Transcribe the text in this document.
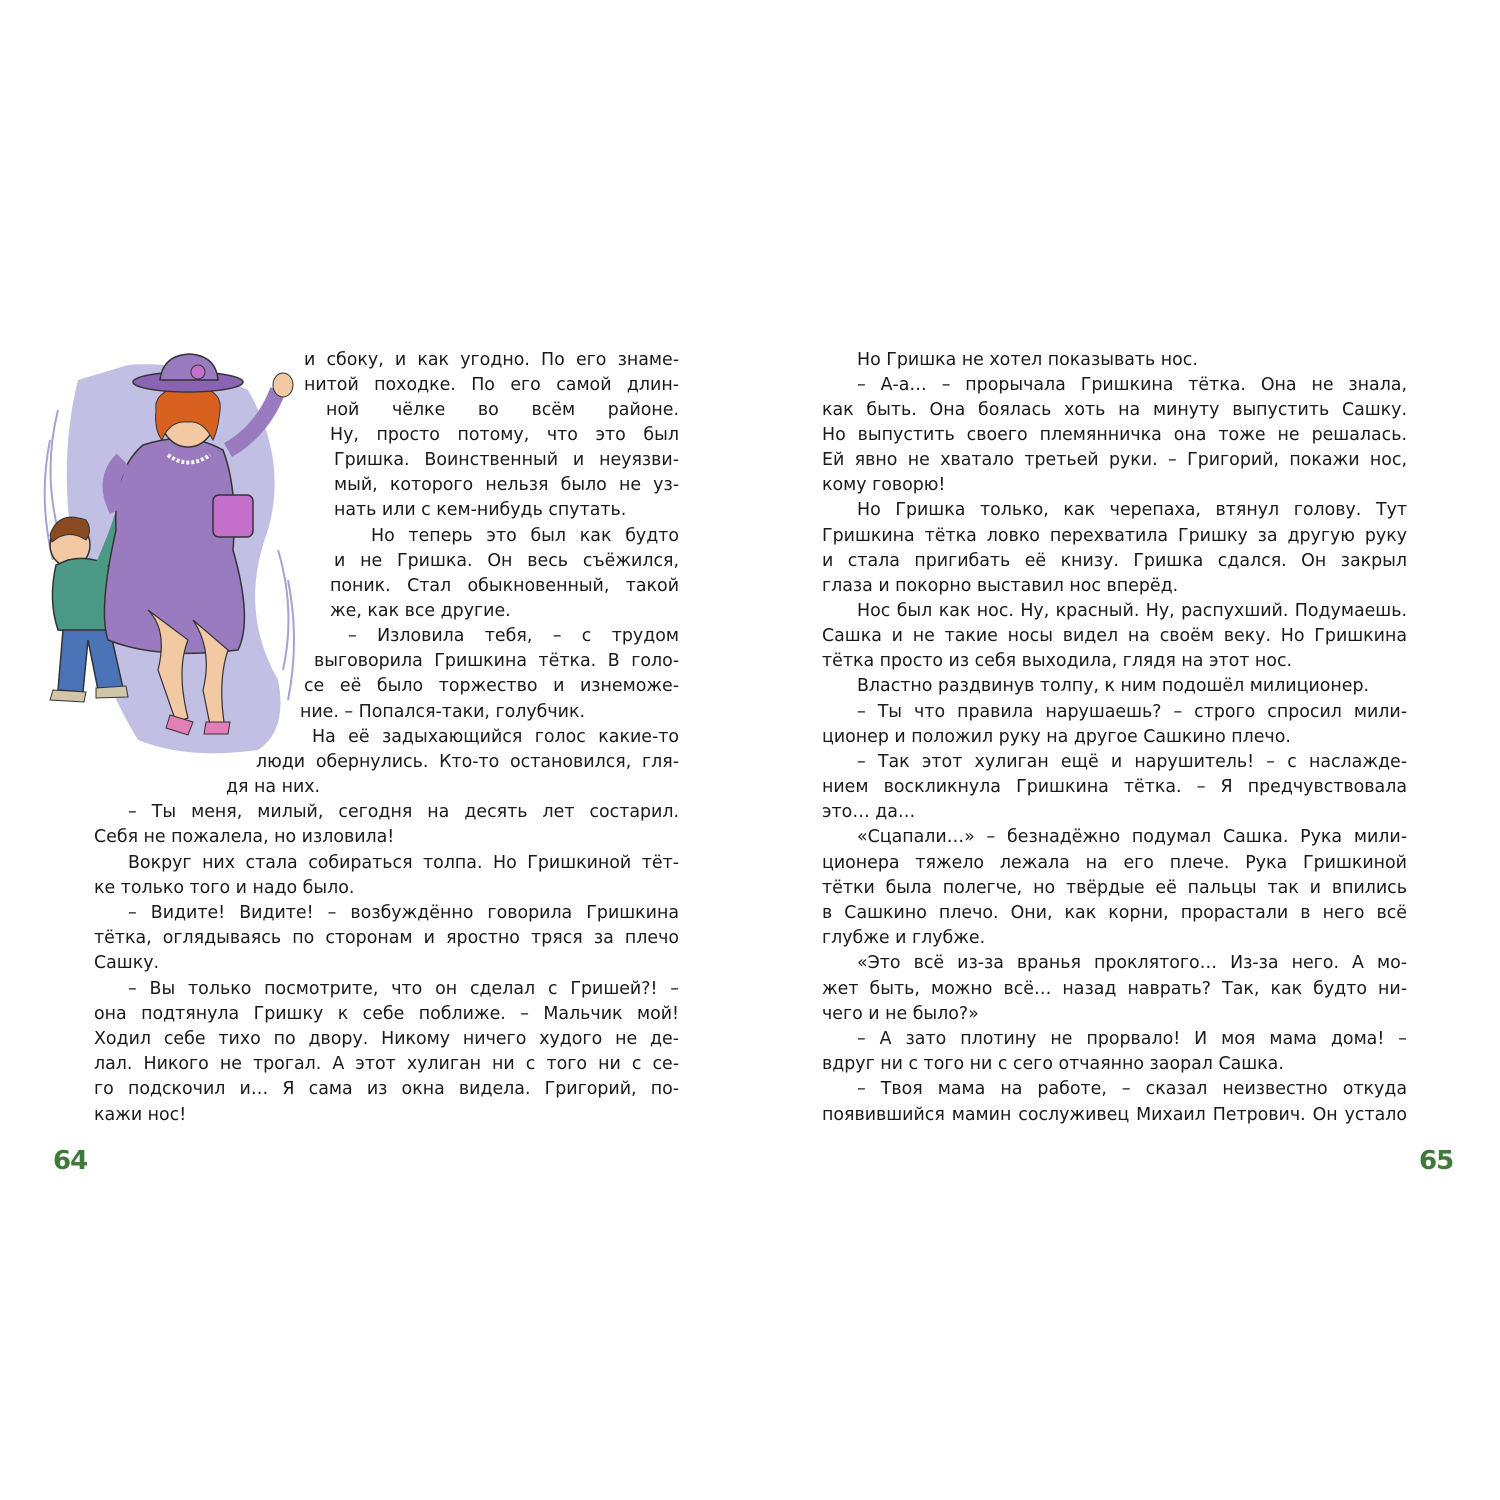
и сбоку, и как угодно. По его знаме-
нитой походке. По его самой длин-
ной чёлке во всём районе.
Ну, просто потому, что это был
Гришка. Воинственный и неуязви-
мый, которого нельзя было не уз-
нать или с кем-нибудь спутать.
Но теперь это был как будто
и не Гришка. Он весь съёжился,
поник. Стал обыкновенный, такой
же, как все другие.
– Изловила тебя, – с трудом
выговорила Гришкина тётка. В голо-
се её было торжество и изнеможе-
ние. – Попался-таки, голубчик.
На её задыхающийся голос какие-то
люди обернулись. Кто-то остановился, гля-
дя на них.
– Ты меня, милый, сегодня на десять лет состарил.
Себя не пожалела, но изловила!
Вокруг них стала собираться толпа. Но Гришкиной тёт-
ке только того и надо было.
– Видите! Видите! – возбуждённо говорила Гришкина
тётка, оглядываясь по сторонам и яростно тряся за плечо
Сашку.
– Вы только посмотрите, что он сделал с Гришей?! –
она подтянула Гришку к себе поближе. – Мальчик мой!
Ходил себе тихо по двору. Никому ничего худого не де-
лал. Никого не трогал. А этот хулиган ни с того ни с се-
го подскочил и… Я сама из окна видела. Григорий, по-
кажи нос!
64
Но Гришка не хотел показывать нос.
– А-а… – прорычала Гришкина тётка. Она не знала,
как быть. Она боялась хоть на минуту выпустить Сашку.
Но выпустить своего племянничка она тоже не решалась.
Ей явно не хватало третьей руки. – Григорий, покажи нос,
кому говорю!
Но Гришка только, как черепаха, втянул голову. Тут
Гришкина тётка ловко перехватила Гришку за другую руку
и стала пригибать её книзу. Гришка сдался. Он закрыл
глаза и покорно выставил нос вперёд.
Нос был как нос. Ну, красный. Ну, распухший. Подумаешь.
Сашка и не такие носы видел на своём веку. Но Гришкина
тётка просто из себя выходила, глядя на этот нос.
Властно раздвинув толпу, к ним подошёл милиционер.
– Ты что правила нарушаешь? – строго спросил мили-
ционер и положил руку на другое Сашкино плечо.
– Так этот хулиган ещё и нарушитель! – с наслажде-
нием воскликнула Гришкина тётка. – Я предчувствовала
это… да…
«Сцапали…» – безнадёжно подумал Сашка. Рука мили-
ционера тяжело лежала на его плече. Рука Гришкиной
тётки была полегче, но твёрдые её пальцы так и впились
в Сашкино плечо. Они, как корни, прорастали в него всё
глубже и глубже.
«Это всё из-за вранья проклятого… Из-за него. А мо-
жет быть, можно всё… назад наврать? Так, как будто ни-
чего и не было?»
– А зато плотину не прорвало! И моя мама дома! –
вдруг ни с того ни с сего отчаянно заорал Сашка.
– Твоя мама на работе, – сказал неизвестно откуда
появившийся мамин сослуживец Михаил Петрович. Он устало
65
